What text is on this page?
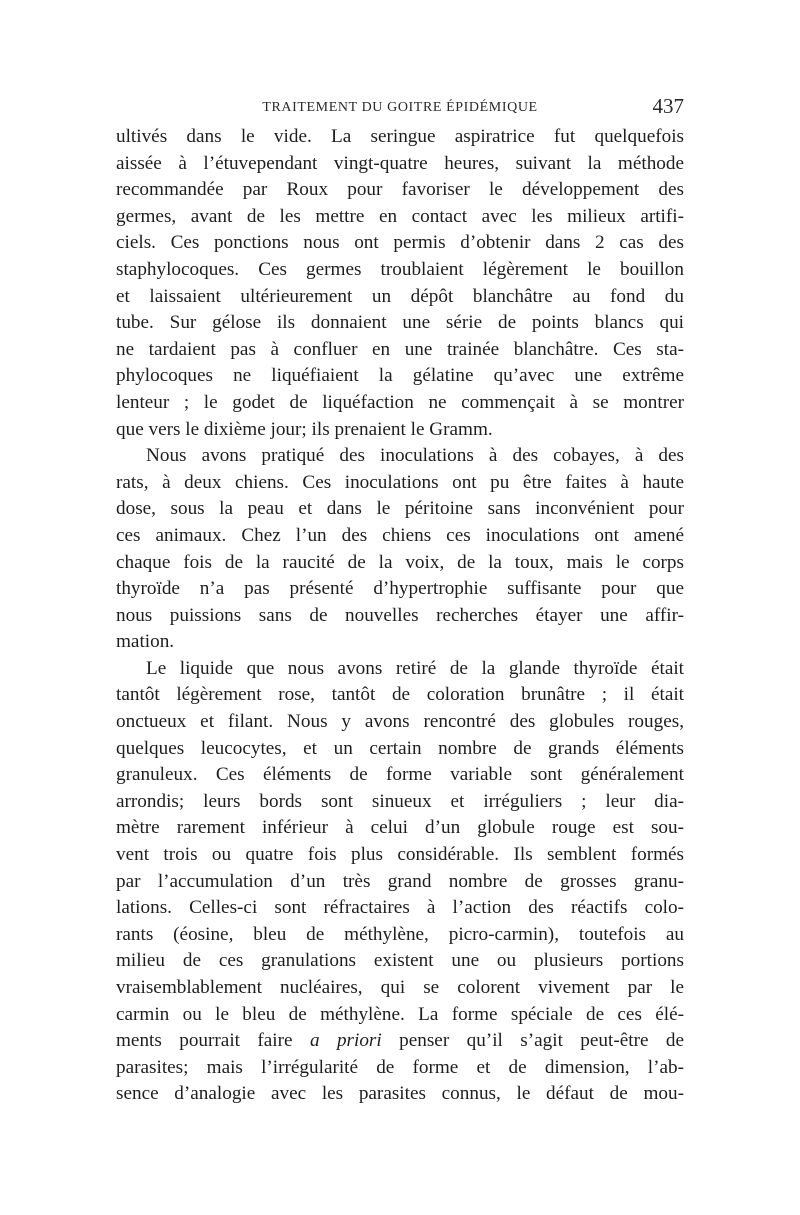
TRAITEMENT DU GOITRE ÉPIDÉMIQUE	437

ultivés dans le vide. La seringue aspiratrice fut quelquefois
aissée à l’étuvependant vingt-quatre heures, suivant la méthode
recommandée par Roux pour favoriser le développement des
germes, avant de les mettre en contact avec les milieux artifi-
ciels. Ces ponctions nous ont permis d’obtenir dans 2 cas des
staphylocoques. Ces germes troublaient légèrement le bouillon
et laissaient ultérieurement un dépôt blanchâtre au fond du
tube. Sur gélose ils donnaient une série de points blancs qui
ne tardaient pas à confluer en une trainée blanchâtre. Ces sta-
phylocoques ne liquéfiaient la gélatine qu’avec une extrême
lenteur ; le godet de liquéfaction ne commençait à se montrer
que vers le dixième jour; ils prenaient le Gramm.

Nous avons pratiqué des inoculations à des cobayes, à des
rats, à deux chiens. Ces inoculations ont pu être faites à haute
dose, sous la peau et dans le péritoine sans inconvénient pour
ces animaux. Chez l’un des chiens ces inoculations ont amené
chaque fois de la raucité de la voix, de la toux, mais le corps
thyroïde n’a pas présenté d’hypertrophie suffisante pour que
nous puissions sans de nouvelles recherches étayer une affir-
mation.

Le liquide que nous avons retiré de la glande thyroïde était
tantôt légèrement rose, tantôt de coloration brunâtre ; il était
onctueux et filant. Nous y avons rencontré des globules rouges,
quelques leucocytes, et un certain nombre de grands éléments
granuleux. Ces éléments de forme variable sont généralement
arrondis; leurs bords sont sinueux et irréguliers ; leur dia-
mètre rarement inférieur à celui d’un globule rouge est sou-
vent trois ou quatre fois plus considérable. Ils semblent formés
par l’accumulation d’un très grand nombre de grosses granu-
lations. Celles-ci sont réfractaires à l’action des réactifs colo-
rants (éosine, bleu de méthylène, picro-carmin), toutefois au
milieu de ces granulations existent une ou plusieurs portions
vraisemblablement nucléaires, qui se colorent vivement par le
carmin ou le bleu de méthylène. La forme spéciale de ces élé-
ments pourrait faire a priori penser qu’il s’agit peut-être de
parasites; mais l’irrégularité de forme et de dimension, l’ab-
sence d’analogie avec les parasites connus, le défaut de mou-
